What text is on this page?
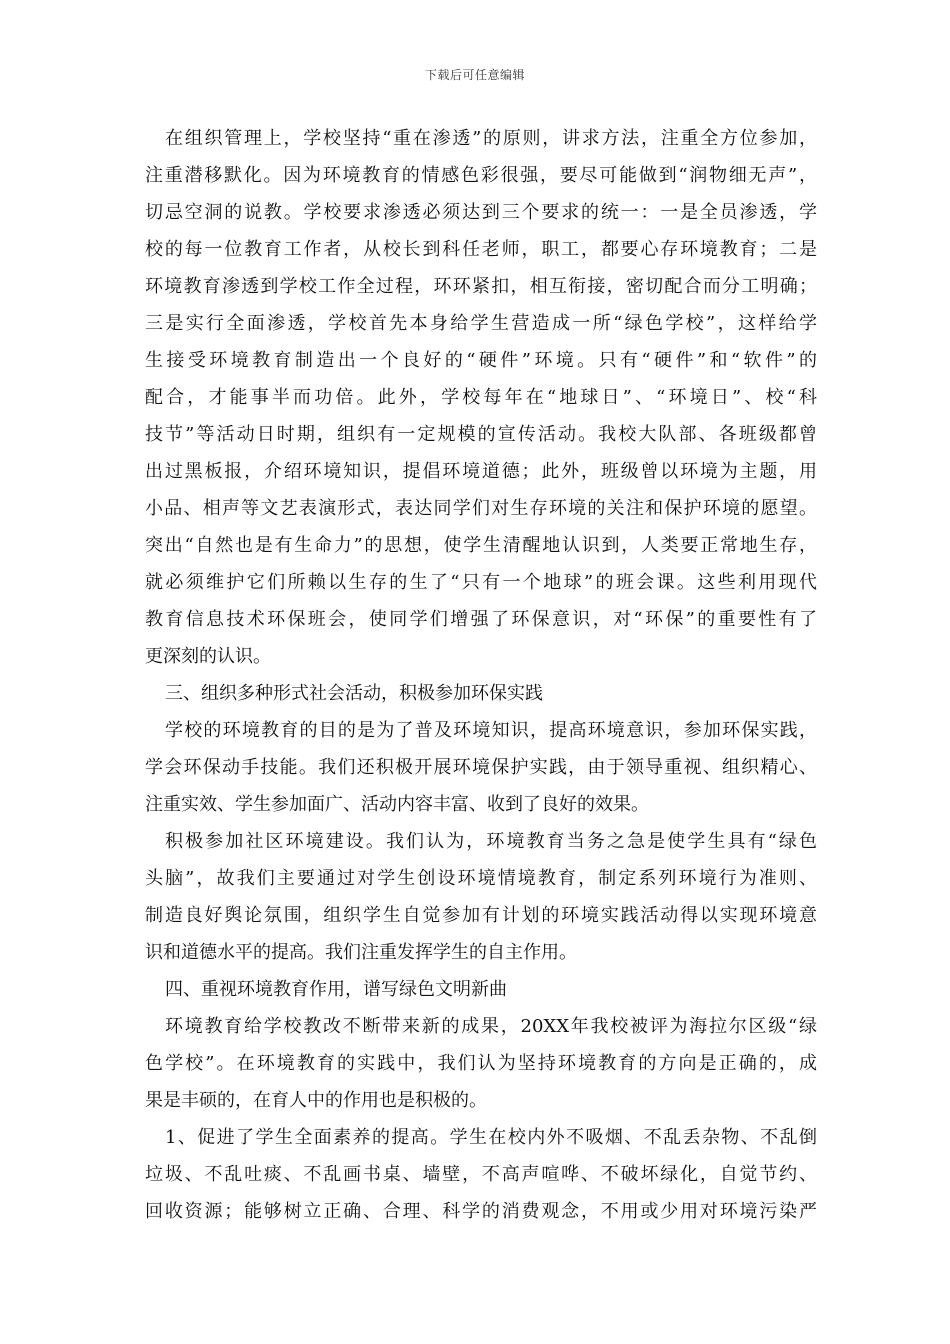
下载后可任意编辑
在组织管理上，学校坚持“重在渗透”的原则，讲求方法，注重全方位参加，
注重潜移默化。因为环境教育的情感色彩很强，要尽可能做到“润物细无声”，
切忌空洞的说教。学校要求渗透必须达到三个要求的统一：一是全员渗透，学
校的每一位教育工作者，从校长到科任老师，职工，都要心存环境教育；二是
环境教育渗透到学校工作全过程，环环紧扣，相互衔接，密切配合而分工明确；
三是实行全面渗透，学校首先本身给学生营造成一所“绿色学校”，这样给学
生接受环境教育制造出一个良好的“硬件”环境。只有“硬件”和“软件”的
配合，才能事半而功倍。此外，学校每年在“地球日”、“环境日”、校“科
技节”等活动日时期，组织有一定规模的宣传活动。我校大队部、各班级都曾
出过黑板报，介绍环境知识，提倡环境道德；此外，班级曾以环境为主题，用
小品、相声等文艺表演形式，表达同学们对生存环境的关注和保护环境的愿望。
突出“自然也是有生命力”的思想，使学生清醒地认识到，人类要正常地生存，
就必须维护它们所赖以生存的生了“只有一个地球”的班会课。这些利用现代
教育信息技术环保班会，使同学们增强了环保意识，对“环保”的重要性有了
更深刻的认识。
三、组织多种形式社会活动，积极参加环保实践
学校的环境教育的目的是为了普及环境知识，提高环境意识，参加环保实践，
学会环保动手技能。我们还积极开展环境保护实践，由于领导重视、组织精心、
注重实效、学生参加面广、活动内容丰富、收到了良好的效果。
积极参加社区环境建设。我们认为，环境教育当务之急是使学生具有“绿色
头脑”，故我们主要通过对学生创设环境情境教育，制定系列环境行为准则、
制造良好舆论氛围，组织学生自觉参加有计划的环境实践活动得以实现环境意
识和道德水平的提高。我们注重发挥学生的自主作用。
四、重视环境教育作用，谱写绿色文明新曲
环境教育给学校教改不断带来新的成果，20XX年我校被评为海拉尔区级“绿
色学校”。在环境教育的实践中，我们认为坚持环境教育的方向是正确的，成
果是丰硕的，在育人中的作用也是积极的。
1、促进了学生全面素养的提高。学生在校内外不吸烟、不乱丢杂物、不乱倒
垃圾、不乱吐痰、不乱画书桌、墙壁，不高声喧哗、不破坏绿化，自觉节约、
回收资源；能够树立正确、合理、科学的消费观念，不用或少用对环境污染严
